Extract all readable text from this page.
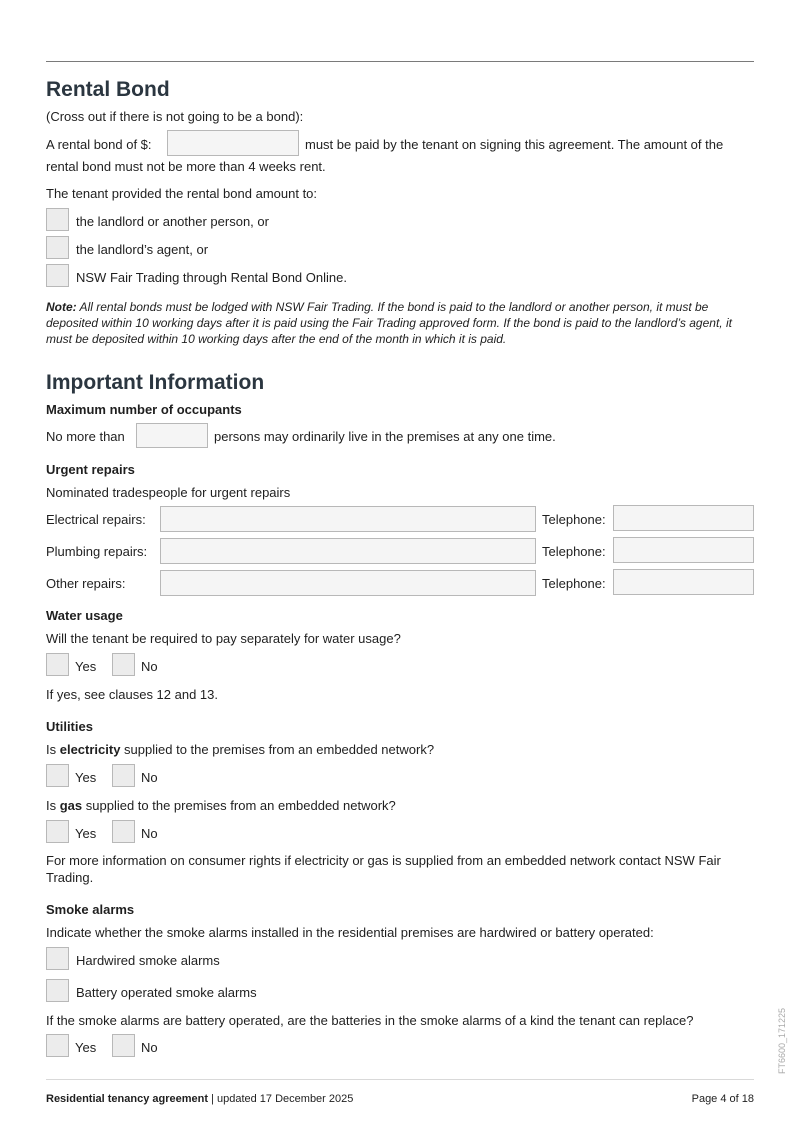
Rental Bond
(Cross out if there is not going to be a bond):
A rental bond of $:	must be paid by the tenant on signing this agreement. The amount of the
rental bond must not be more than 4 weeks rent.
The tenant provided the rental bond amount to:
the landlord or another person, or
the landlord’s agent, or
NSW Fair Trading through Rental Bond Online.
Note: All rental bonds must be lodged with NSW Fair Trading. If the bond is paid to the landlord or another person, it must be deposited within 10 working days after it is paid using the Fair Trading approved form. If the bond is paid to the landlord’s agent, it must be deposited within 10 working days after the end of the month in which it is paid.
Important Information
Maximum number of occupants
No more than	persons may ordinarily live in the premises at any one time.
Urgent repairs
Nominated tradespeople for urgent repairs
Electrical repairs:	Telephone:
Plumbing repairs:	Telephone:
Other repairs:	Telephone:
Water usage
Will the tenant be required to pay separately for water usage?
Yes	No
If yes, see clauses 12 and 13.
Utilities
Is electricity supplied to the premises from an embedded network?
Yes	No
Is gas supplied to the premises from an embedded network?
Yes	No
For more information on consumer rights if electricity or gas is supplied from an embedded network contact NSW Fair Trading.
Smoke alarms
Indicate whether the smoke alarms installed in the residential premises are hardwired or battery operated:
Hardwired smoke alarms
Battery operated smoke alarms
If the smoke alarms are battery operated, are the batteries in the smoke alarms of a kind the tenant can replace?
Yes	No
Residential tenancy agreement | updated 17 December 2025	Page 4 of 18
FT6600_171225
